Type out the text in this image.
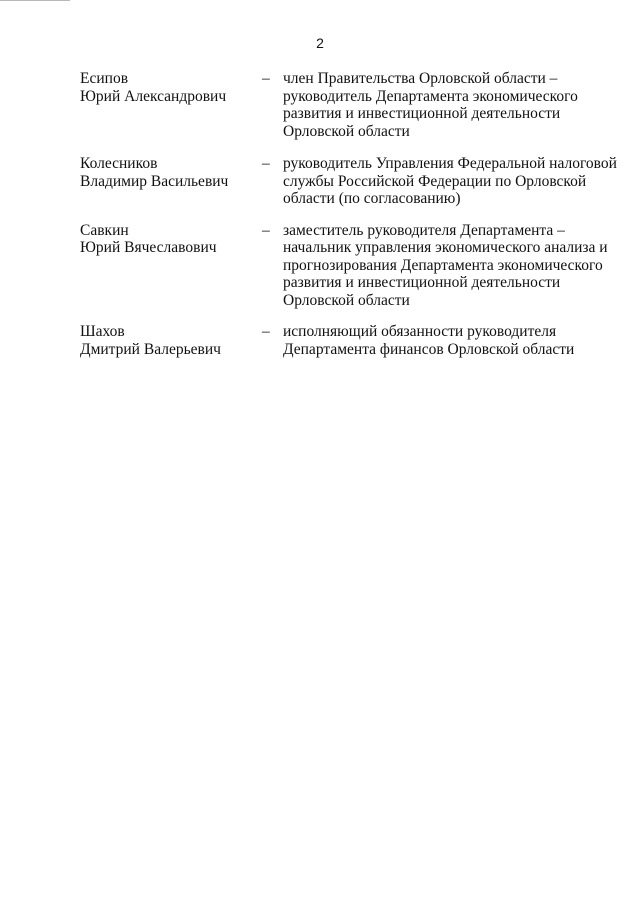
2
Есипов
Юрий Александрович
– член Правительства Орловской области –
руководитель Департамента экономического
развития и инвестиционной деятельности
Орловской области
Колесников
Владимир Васильевич
– руководитель Управления Федеральной налоговой
службы Российской Федерации по Орловской
области (по согласованию)
Савкин
Юрий Вячеславович
– заместитель руководителя Департамента –
начальник управления экономического анализа и
прогнозирования Департамента экономического
развития и инвестиционной деятельности
Орловской области
Шахов
Дмитрий Валерьевич
– исполняющий обязанности руководителя
Департамента финансов Орловской области
